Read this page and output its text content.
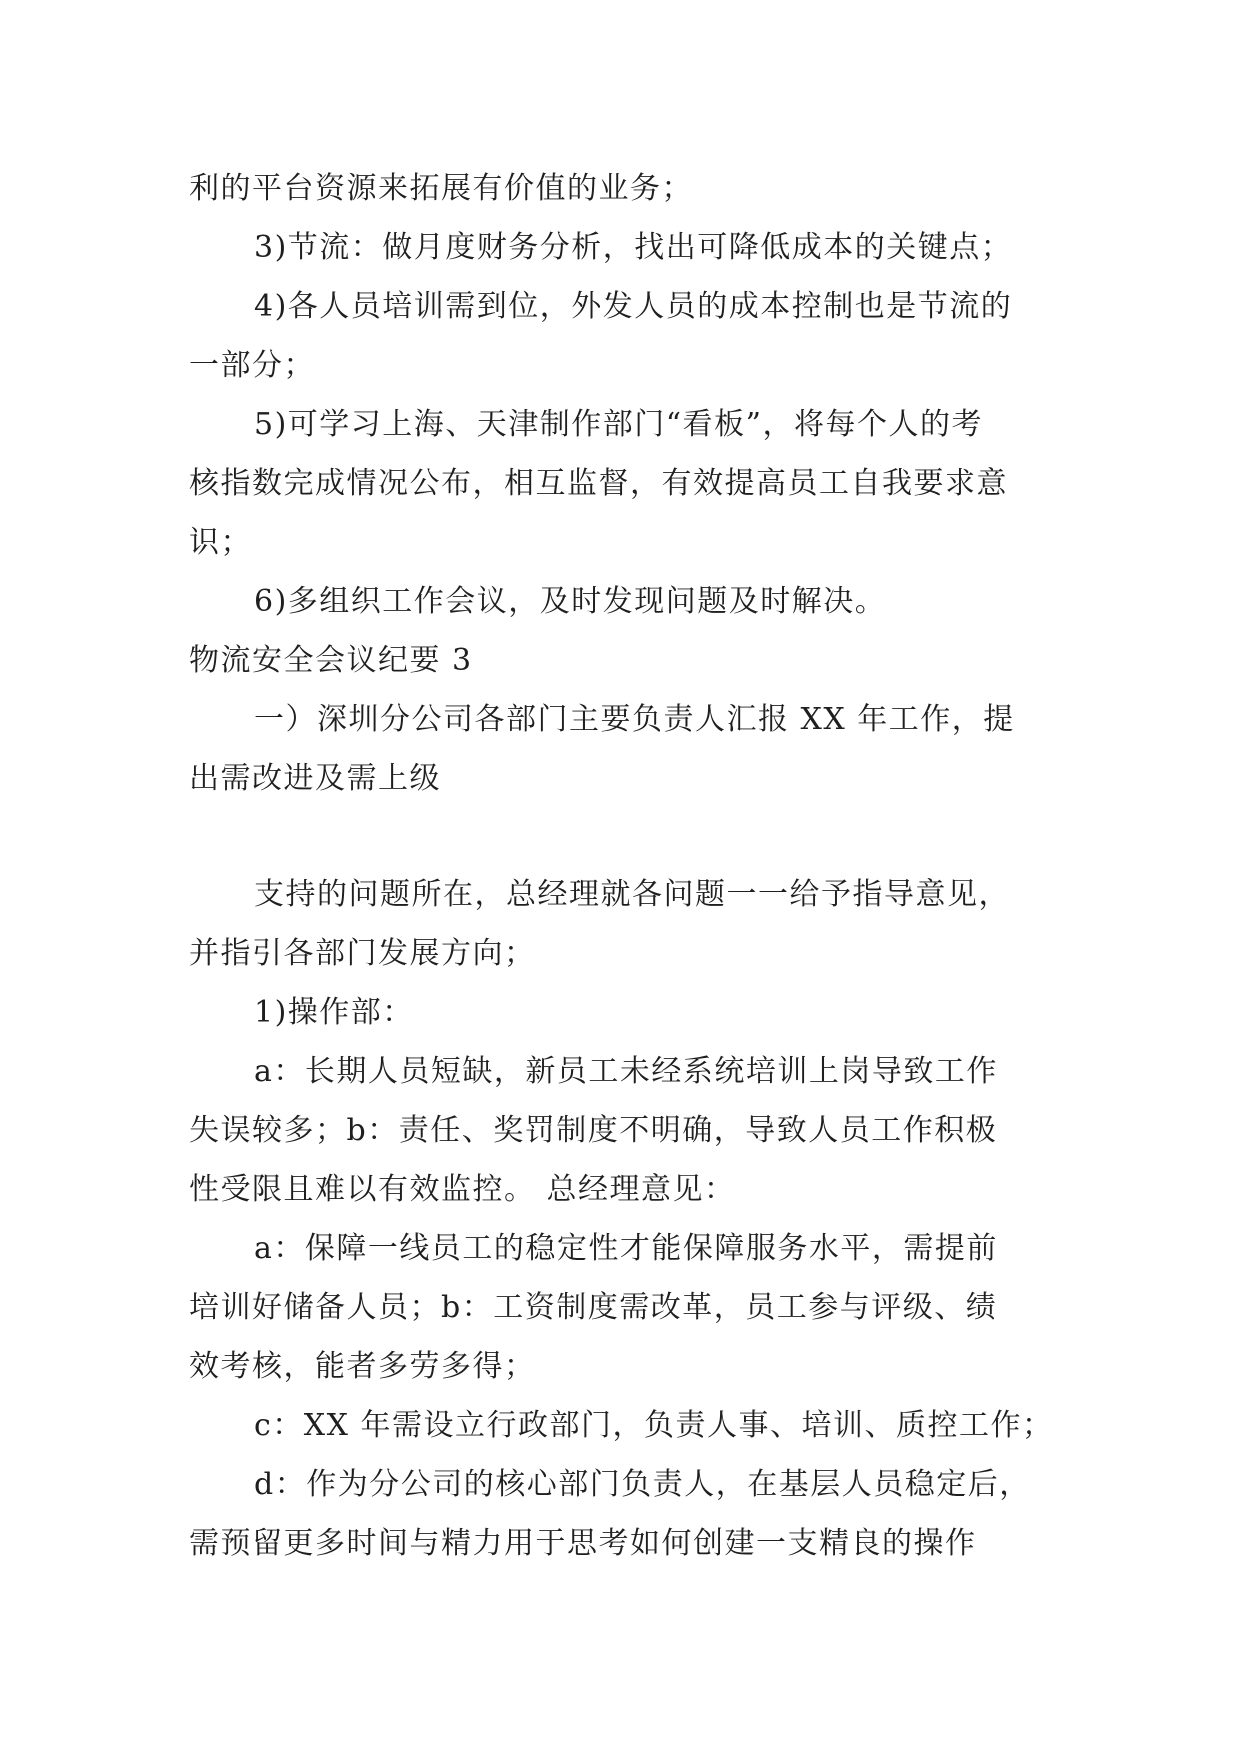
利的平台资源来拓展有价值的业务；
3)节流：做月度财务分析，找出可降低成本的关键点；
4)各人员培训需到位，外发人员的成本控制也是节流的
一部分；
5)可学习上海、天津制作部门“看板”，将每个人的考
核指数完成情况公布，相互监督，有效提高员工自我要求意
识；
6)多组织工作会议，及时发现问题及时解决。
物流安全会议纪要 3
一）深圳分公司各部门主要负责人汇报 XX 年工作，提
出需改进及需上级
支持的问题所在，总经理就各问题一一给予指导意见，
并指引各部门发展方向；
1)操作部：
a：长期人员短缺，新员工未经系统培训上岗导致工作
失误较多；b：责任、奖罚制度不明确，导致人员工作积极
性受限且难以有效监控。 总经理意见：
a：保障一线员工的稳定性才能保障服务水平，需提前
培训好储备人员；b：工资制度需改革，员工参与评级、绩
效考核，能者多劳多得；
c：XX 年需设立行政部门，负责人事、培训、质控工作；
d：作为分公司的核心部门负责人，在基层人员稳定后，
需预留更多时间与精力用于思考如何创建一支精良的操作
